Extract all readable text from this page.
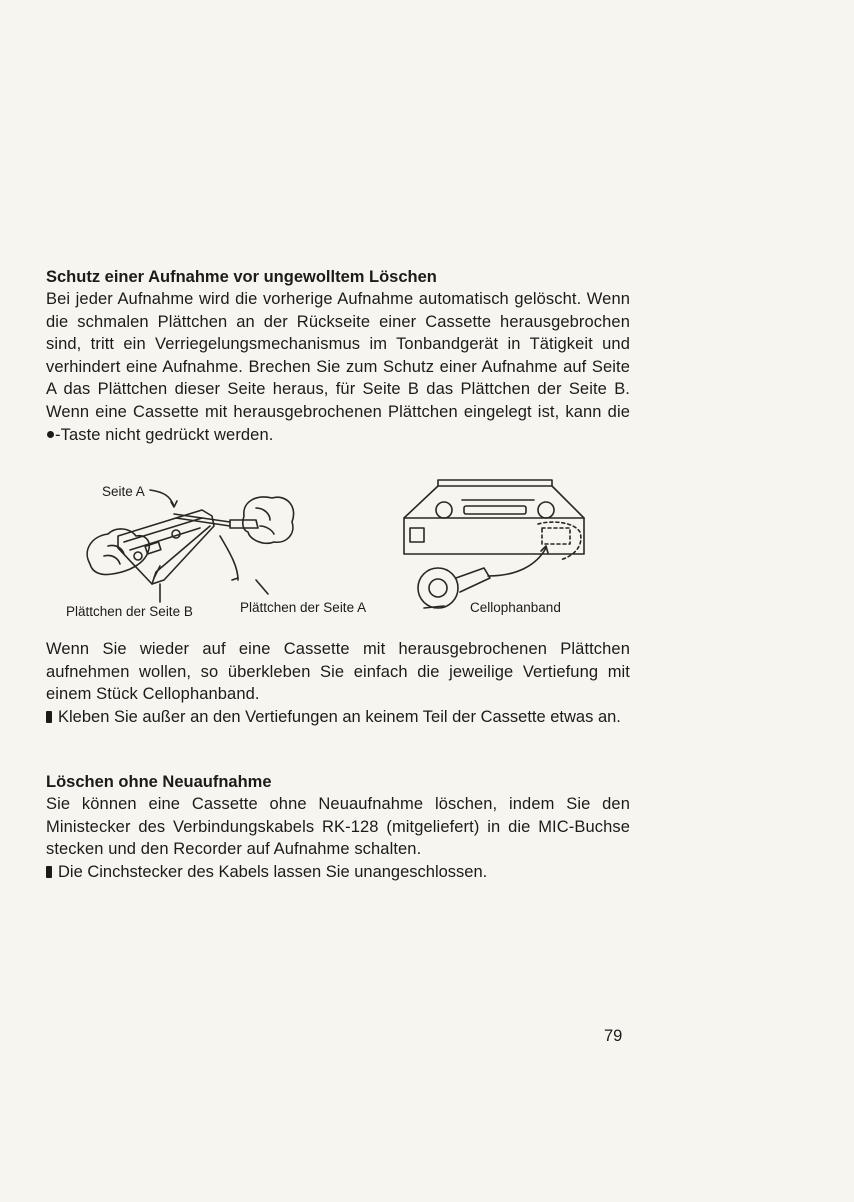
Schutz einer Aufnahme vor ungewolltem Löschen

Bei jeder Aufnahme wird die vorherige Aufnahme automatisch gelöscht. Wenn die schmalen Plättchen an der Rückseite einer Cassette herausgebrochen sind, tritt ein Verriegelungsmechanismus im Tonbandgerät in Tätigkeit und verhindert eine Aufnahme. Brechen Sie zum Schutz einer Aufnahme auf Seite A das Plättchen dieser Seite heraus, für Seite B das Plättchen der Seite B. Wenn eine Cassette mit herausgebrochenen Plättchen eingelegt ist, kann die -Taste nicht gedrückt werden.

Seite A
Plättchen der Seite B	Plättchen der Seite A	Cellophanband

Wenn Sie wieder auf eine Cassette mit herausgebrochenen Plättchen aufnehmen wollen, so überkleben Sie einfach die jeweilige Vertiefung mit einem Stück Cellophanband.

Kleben Sie außer an den Vertiefungen an keinem Teil der Cassette etwas an.

Löschen ohne Neuaufnahme

Sie können eine Cassette ohne Neuaufnahme löschen, indem Sie den Ministecker des Verbindungskabels RK-128 (mitgeliefert) in die MIC-Buchse stecken und den Recorder auf Aufnahme schalten.

Die Cinchstecker des Kabels lassen Sie unangeschlossen.

79
